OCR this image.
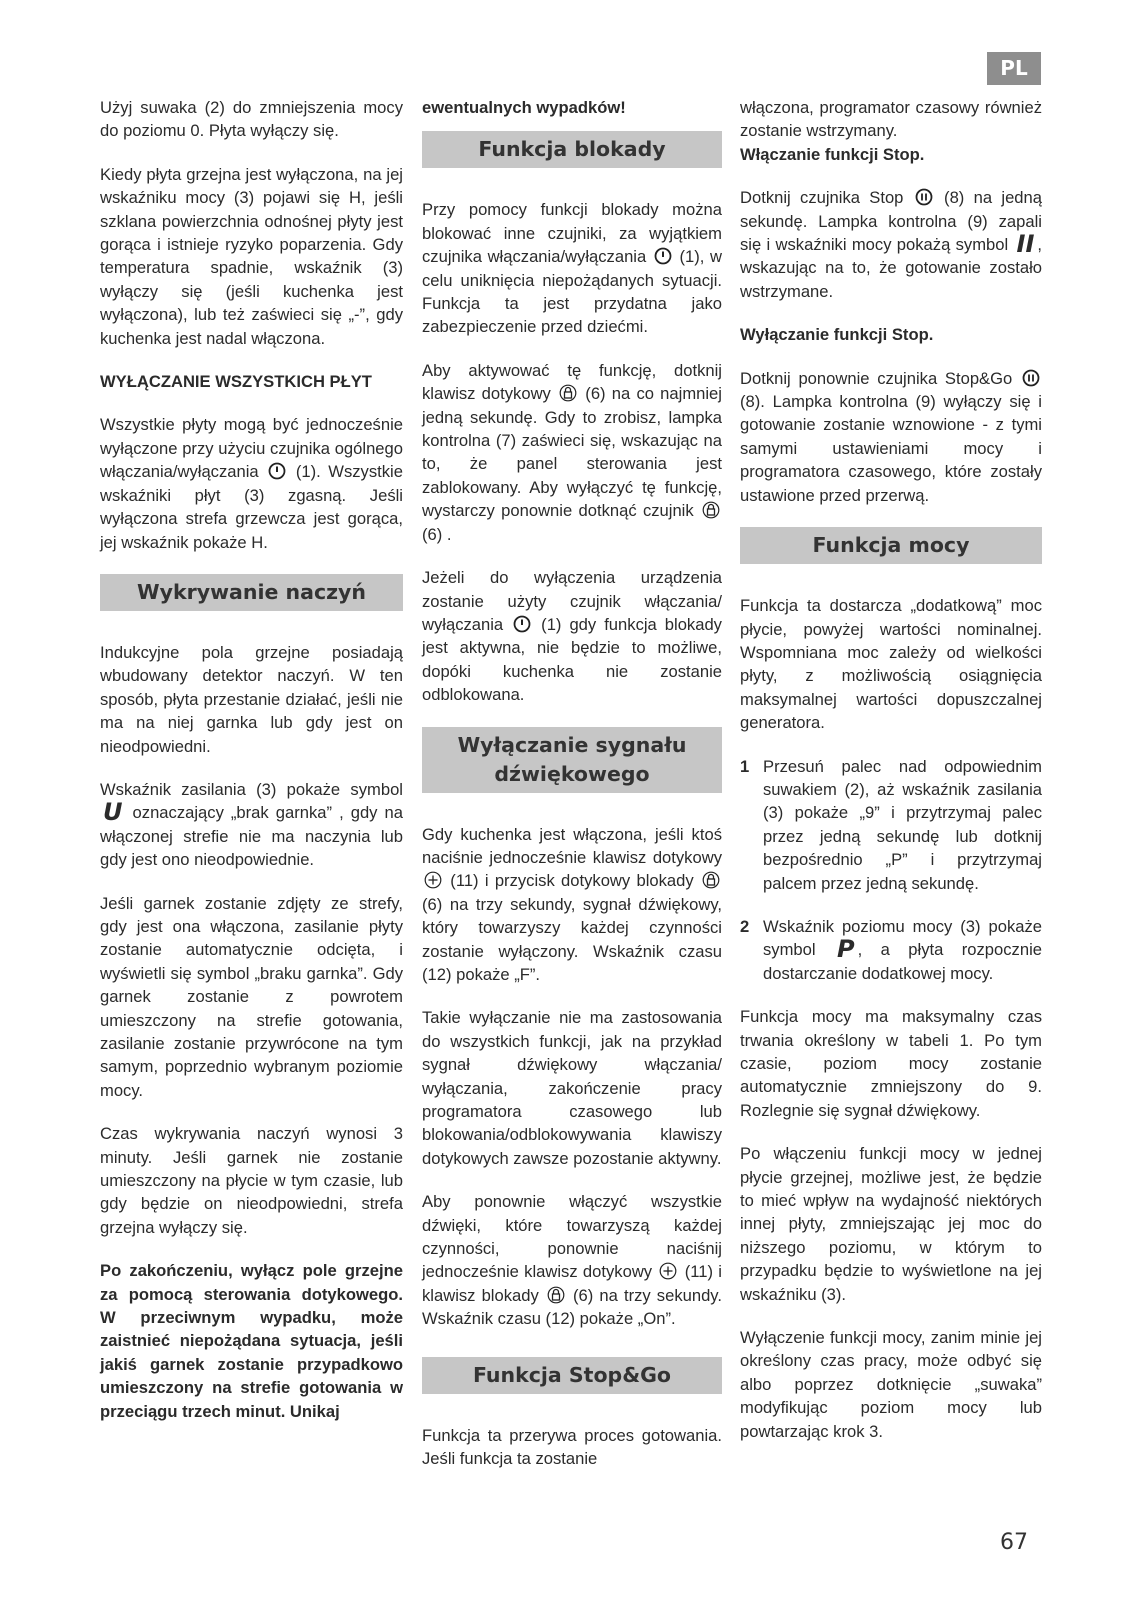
PL

Użyj suwaka (2) do zmniejszenia mocy do poziomu 0. Płyta wyłączy się.

Kiedy płyta grzejna jest wyłączona, na jej wskaźniku mocy (3) pojawi się H, jeśli szklana powierzchnia odnośnej płyty jest gorąca i istnieje ryzyko poparzenia. Gdy temperatura spadnie, wskaźnik (3) wyłączy się (jeśli kuchenka jest wyłączona), lub też zaświeci się „-”, gdy kuchenka jest nadal włączona.

WYŁĄCZANIE WSZYSTKICH PŁYT

Wszystkie płyty mogą być jednocześnie wyłączone przy użyciu czujnika ogólnego włączania/wyłączania (1). Wszystkie wskaźniki płyt (3) zgasną. Jeśli wyłączona strefa grzewcza jest gorąca, jej wskaźnik pokaże H.

Wykrywanie naczyń

Indukcyjne pola grzejne posiadają wbudowany detektor naczyń. W ten sposób, płyta przestanie działać, jeśli nie ma na niej garnka lub gdy jest on nieodpowiedni.

Wskaźnik zasilania (3) pokaże symbol U oznaczający „brak garnka” , gdy na włączonej strefie nie ma naczynia lub gdy jest ono nieodpowiednie.

Jeśli garnek zostanie zdjęty ze strefy, gdy jest ona włączona, zasilanie płyty zostanie automatycznie odcięta, i wyświetli się symbol „braku garnka”. Gdy garnek zostanie z powrotem umieszczony na strefie gotowania, zasilanie zostanie przywrócone na tym samym, poprzednio wybranym poziomie mocy.

Czas wykrywania naczyń wynosi 3 minuty. Jeśli garnek nie zostanie umieszczony na płycie w tym czasie, lub gdy będzie on nieodpowiedni, strefa grzejna wyłączy się.

Po zakończeniu, wyłącz pole grzejne za pomocą sterowania dotykowego. W przeciwnym wypadku, może zaistnieć niepożądana sytuacja, jeśli jakiś garnek zostanie przypadkowo umieszczony na strefie gotowania w przeciągu trzech minut. Unikaj

ewentualnych wypadków!

Funkcja blokady

Przy pomocy funkcji blokady można blokować inne czujniki, za wyjątkiem czujnika włączania/wyłączania (1), w celu uniknięcia niepożądanych sytuacji. Funkcja ta jest przydatna jako zabezpieczenie przed dziećmi.

Aby aktywować tę funkcję, dotknij klawisz dotykowy (6) na co najmniej jedną sekundę. Gdy to zrobisz, lampka kontrolna (7) zaświeci się, wskazując na to, że panel sterowania jest zablokowany. Aby wyłączyć tę funkcję, wystarczy ponownie dotknąć czujnik  (6) .

Jeżeli do wyłączenia urządzenia zostanie użyty czujnik włączania/ wyłączania (1) gdy funkcja blokady jest aktywna, nie będzie to możliwe, dopóki kuchenka nie zostanie odblokowana.

Wyłączanie sygnału dźwiękowego

Gdy kuchenka jest włączona, jeśli ktoś naciśnie jednocześnie klawisz dotykowy  (11) i przycisk dotykowy blokady  (6) na trzy sekundy, sygnał dźwiękowy, który towarzyszy każdej czynności zostanie wyłączony. Wskaźnik czasu (12) pokaże „F”.

Takie wyłączanie nie ma zastosowania do wszystkich funkcji, jak na przykład sygnał dźwiękowy włączania/ wyłączania, zakończenie pracy programatora czasowego lub blokowania/odblokowywania klawiszy dotykowych zawsze pozostanie aktywny.

Aby ponownie włączyć wszystkie dźwięki, które towarzyszą każdej czynności, ponownie naciśnij jednocześnie klawisz dotykowy (11) i klawisz blokady (6) na trzy sekundy. Wskaźnik czasu (12) pokaże „On”.

Funkcja Stop&Go

Funkcja ta przerywa proces gotowania. Jeśli funkcja ta zostanie

włączona, programator czasowy również zostanie wstrzymany.
Włączanie funkcji Stop.

Dotknij czujnika Stop (8) na jedną sekundę. Lampka kontrolna (9) zapali się i wskaźniki mocy pokażą symbol II , wskazując na to, że gotowanie zostało wstrzymane.

Wyłączanie funkcji Stop.

Dotknij ponownie czujnika Stop&Go  (8). Lampka kontrolna (9) wyłączy się i gotowanie zostanie wznowione - z tymi samymi ustawieniami mocy i programatora czasowego, które zostały ustawione przed przerwą.

Funkcja mocy

Funkcja ta dostarcza „dodatkową” moc płycie, powyżej wartości nominalnej. Wspomniana moc zależy od wielkości płyty, z możliwością osiągnięcia maksymalnej wartości dopuszczalnej generatora.

1 Przesuń palec nad odpowiednim suwakiem (2), aż wskaźnik zasilania (3) pokaże „9” i przytrzymaj palec przez jedną sekundę lub dotknij bezpośrednio „P” i przytrzymaj palcem przez jedną sekundę.
2 Wskaźnik poziomu mocy (3) pokaże symbol P , a płyta rozpocznie dostarczanie dodatkowej mocy.

Funkcja mocy ma maksymalny czas trwania określony w tabeli 1. Po tym czasie, poziom mocy zostanie automatycznie zmniejszony do 9. Rozlegnie się sygnał dźwiękowy.

Po włączeniu funkcji mocy w jednej płycie grzejnej, możliwe jest, że będzie to mieć wpływ na wydajność niektórych innej płyty, zmniejszając jej moc do niższego poziomu, w którym to przypadku będzie to wyświetlone na jej wskaźniku (3).

Wyłączenie funkcji mocy, zanim minie jej określony czas pracy, może odbyć się albo poprzez dotknięcie „suwaka” modyfikując poziom mocy lub powtarzając krok 3.

67
